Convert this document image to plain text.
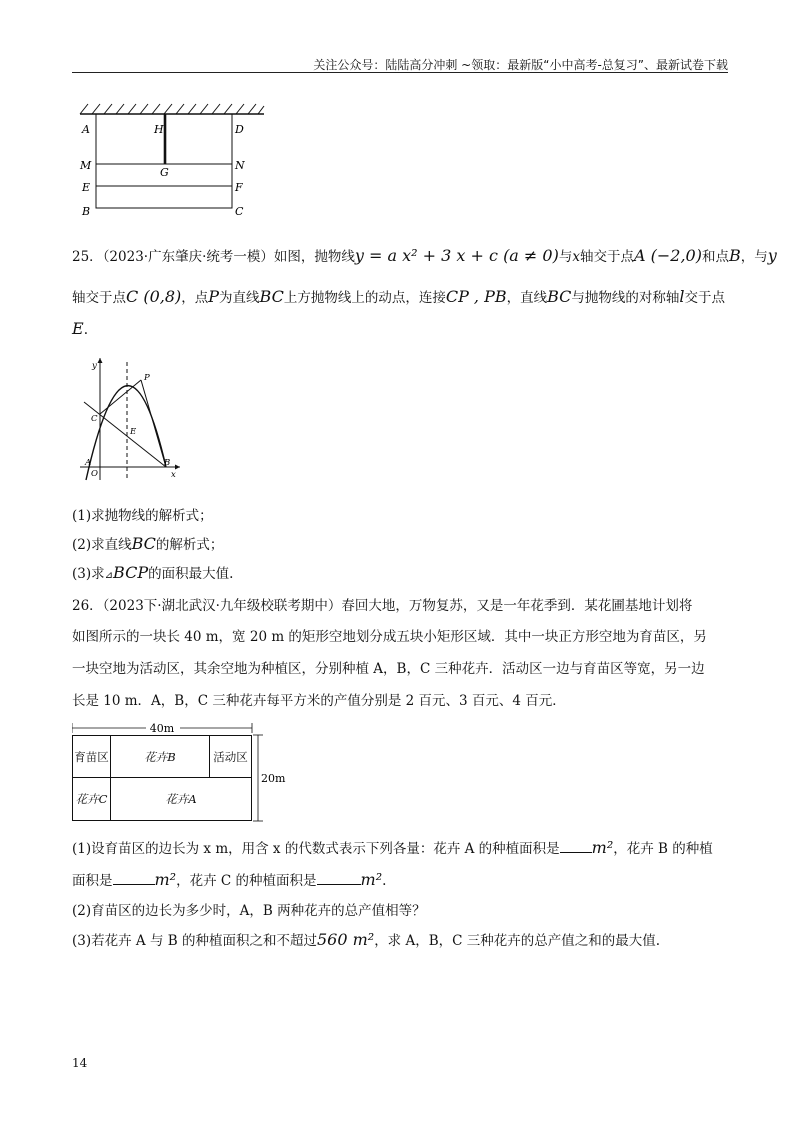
关注公众号：陆陆高分冲刺 ~领取：最新版“小中高考-总复习”、最新试卷下载
A	H	D
M
G
N
E	F
B	C
25．（2023·广东肇庆·统考一模）如图，抛物线y = a x² + 3 x + c (a ≠ 0)与x轴交于点A (−2,0)和点B，与y
轴交于点C (0,8)，点P为直线BC上方抛物线上的动点，连接CP , PB，直线BC与抛物线的对称轴l交于点
E.
y
P
C
E
A
O
B
x
(1)求抛物线的解析式；
(2)求直线BC的解析式；
(3)求⊿BCP的面积最大值.
26．（2023下·湖北武汉·九年级校联考期中）春回大地，万物复苏，又是一年花季到．某花圃基地计划将
如图所示的一块长 40 m，宽 20 m 的矩形空地划分成五块小矩形区域．其中一块正方形空地为育苗区，另
一块空地为活动区，其余空地为种植区，分别种植 A，B，C 三种花卉．活动区一边与育苗区等宽，另一边
长是 10 m．A，B，C 三种花卉每平方米的产值分别是 2 百元、3 百元、4 百元．
40m
20m
育苗区	花卉B	活动区
花卉C	花卉A
(1)设育苗区的边长为 x m，用含 x 的代数式表示下列各量：花卉 A 的种植面积是 m²，花卉 B 的种植
面积是	m²，花卉 C 的种植面积是	m².
(2)育苗区的边长为多少时，A，B 两种花卉的总产值相等？
(3)若花卉 A 与 B 的种植面积之和不超过560 m²，求 A，B，C 三种花卉的总产值之和的最大值.
14
